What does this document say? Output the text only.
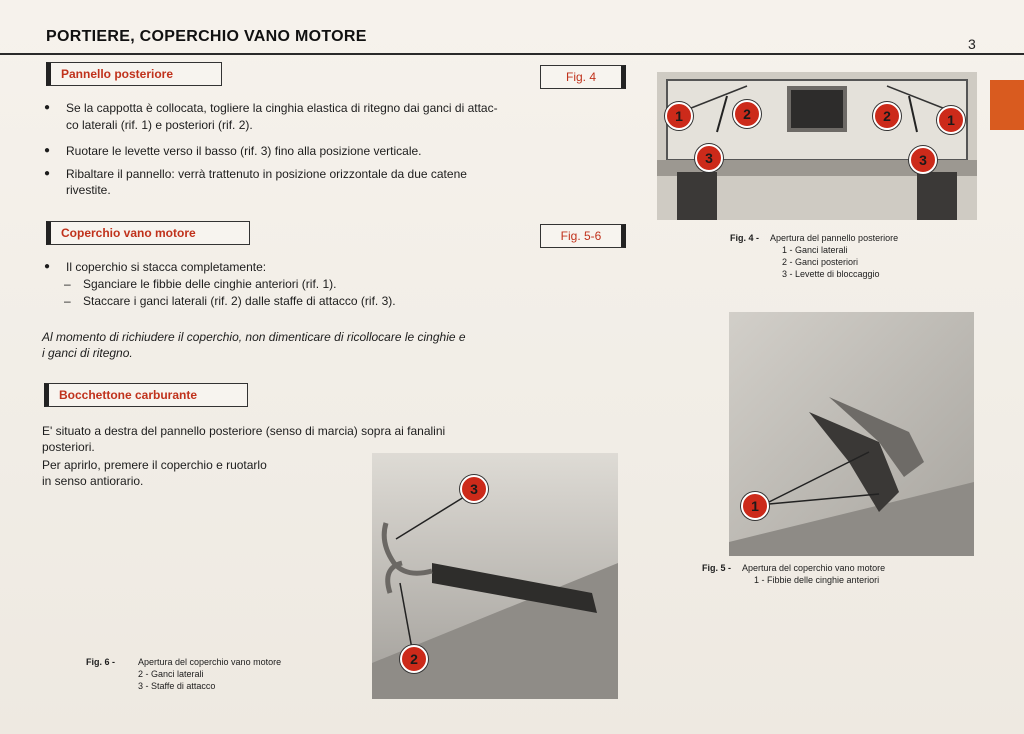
PORTIERE, COPERCHIO VANO MOTORE	3
Pannello posteriore	Fig. 4
● Se la cappotta è collocata, togliere la cinghia elastica di ritegno dai ganci di attac-
co laterali (rif. 1) e posteriori (rif. 2).
● Ruotare le levette verso il basso (rif. 3) fino alla posizione verticale.
● Ribaltare il pannello: verrà trattenuto in posizione orizzontale da due catene
rivestite.
Coperchio vano motore	Fig. 5-6
● Il coperchio si stacca completamente:
– Sganciare le fibbie delle cinghie anteriori (rif. 1).
– Staccare i ganci laterali (rif. 2) dalle staffe di attacco (rif. 3).
Al momento di richiudere il coperchio, non dimenticare di ricollocare le cinghie e
i ganci di ritegno.
Bocchettone carburante
E' situato a destra del pannello posteriore (senso di marcia) sopra ai fanalini
posteriori.
Per aprirlo, premere il coperchio e ruotarlo
in senso antiorario.
1	2	2	1
3	3
Fig. 4 - Apertura del pannello posteriore
1 - Ganci laterali
2 - Ganci posteriori
3 - Levette di bloccaggio
1
Fig. 5 - Apertura del coperchio vano motore
1 - Fibbie delle cinghie anteriori
3
2
Fig. 6 -	Apertura del coperchio vano motore
2 - Ganci laterali
3 - Staffe di attacco
